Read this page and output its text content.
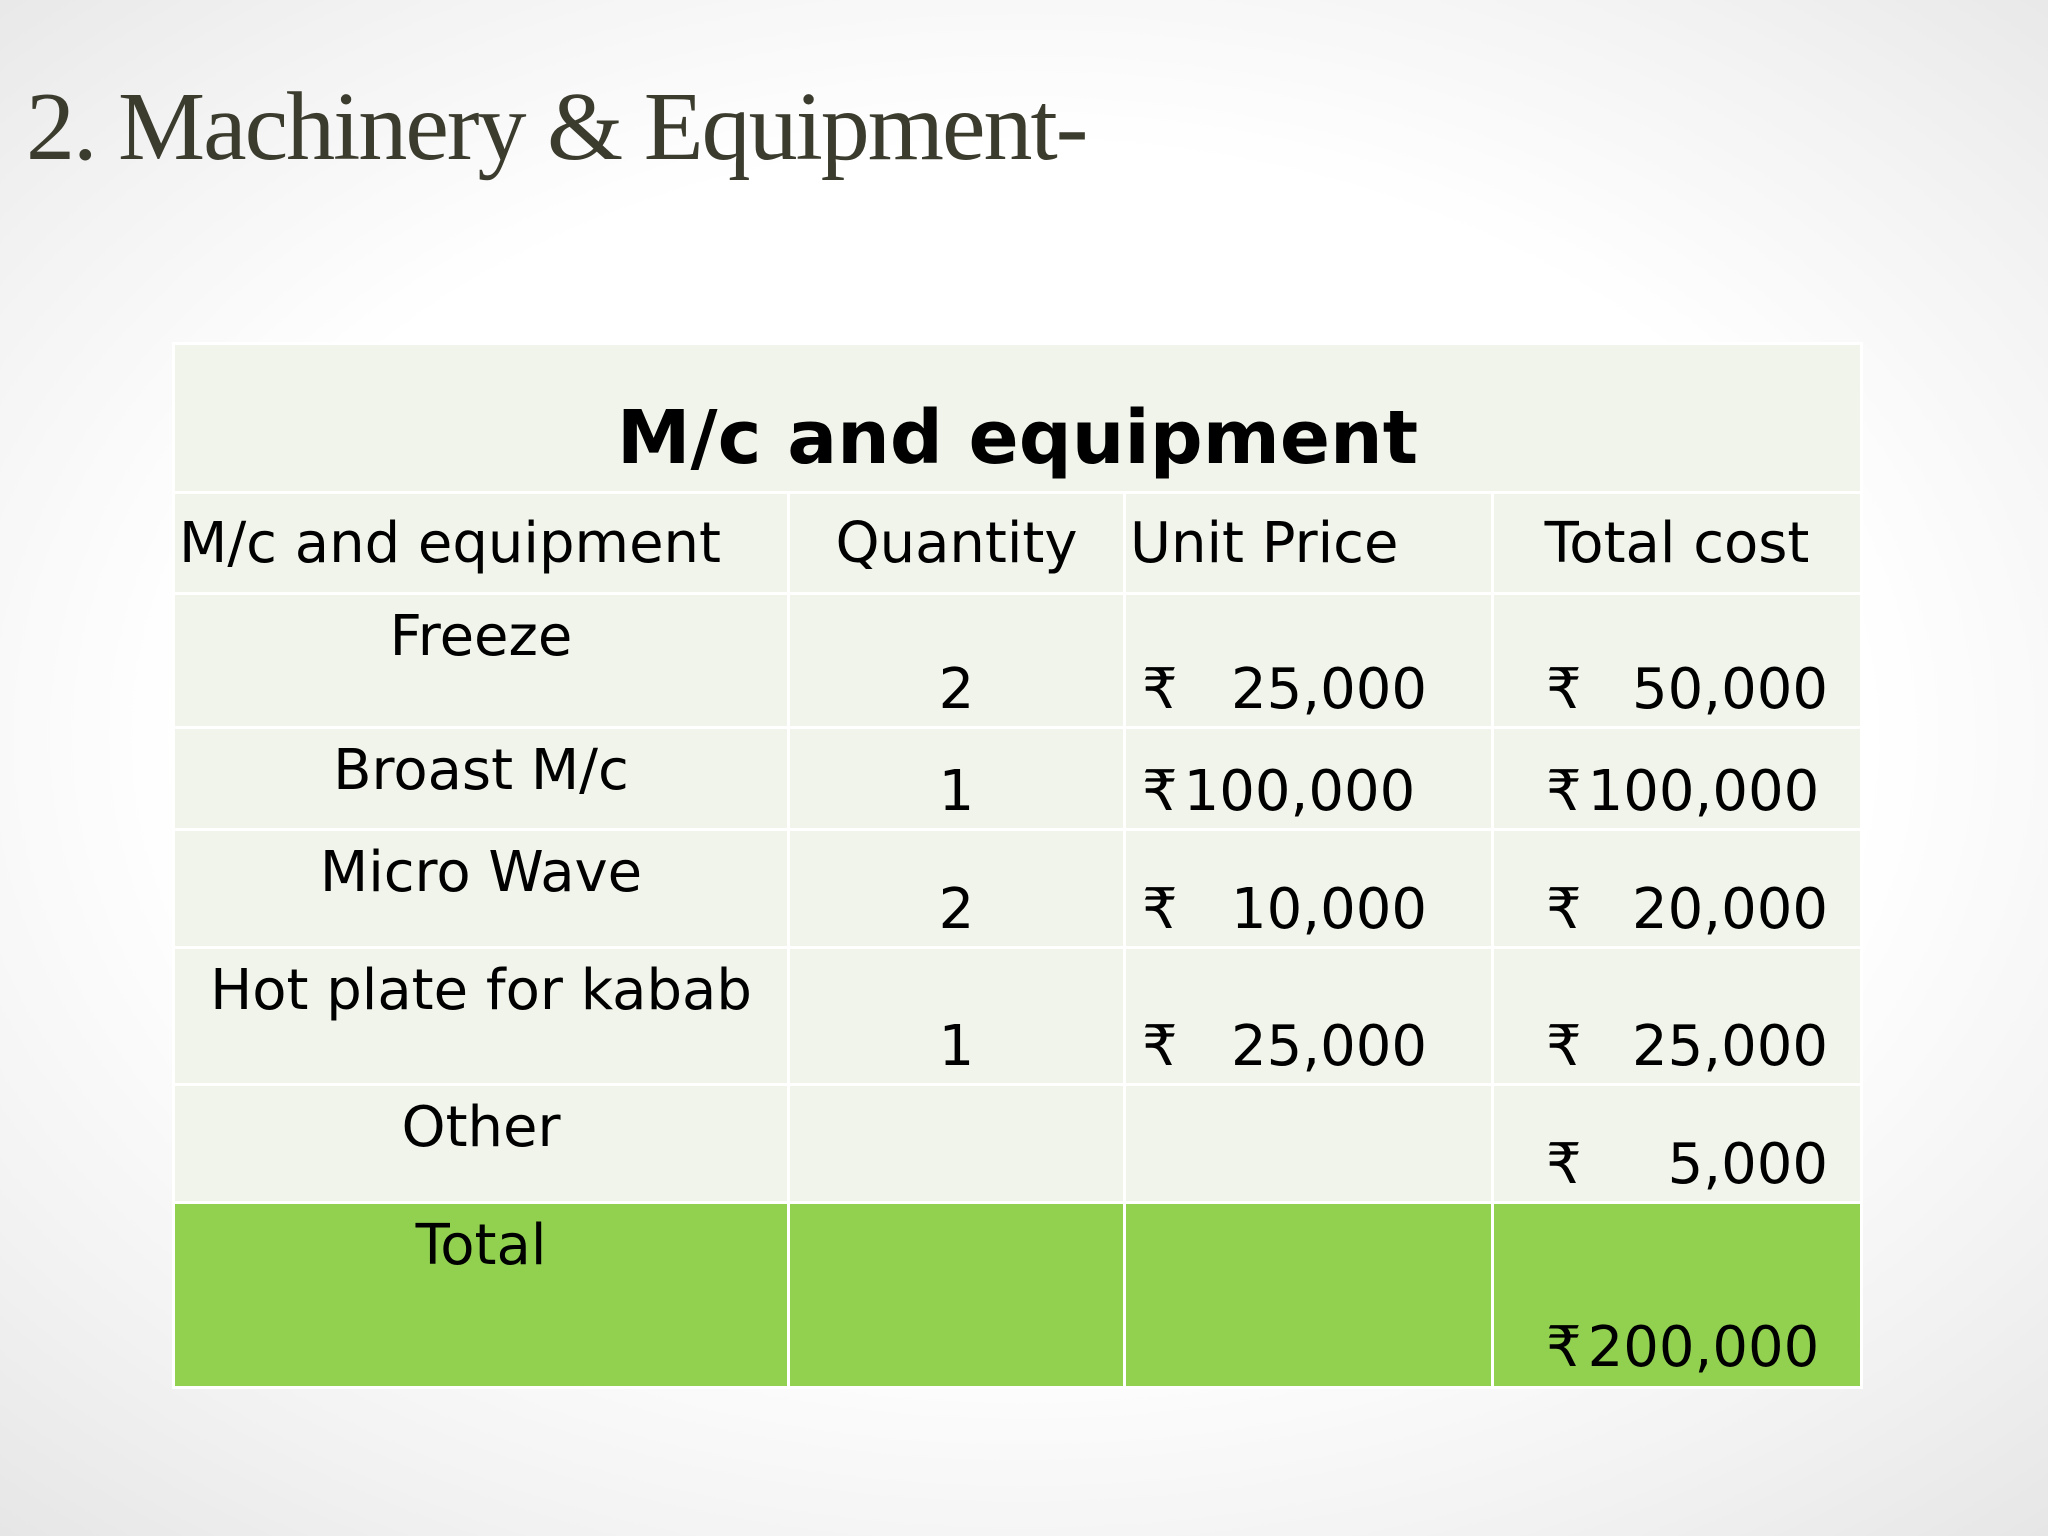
2. Machinery & Equipment-
M/c and equipment			
M/c and equipment	Quantity	Unit Price	Total cost
Freeze	2	₹ 25,000	₹ 50,000

Broast M/c	1	₹ 100,000	₹ 100,000

Micro Wave	2	₹ 10,000	₹ 20,000

Hot plate for kabab	1	₹ 25,000	₹ 25,000

Other			₹ 5,000

Total			₹ 200,000
